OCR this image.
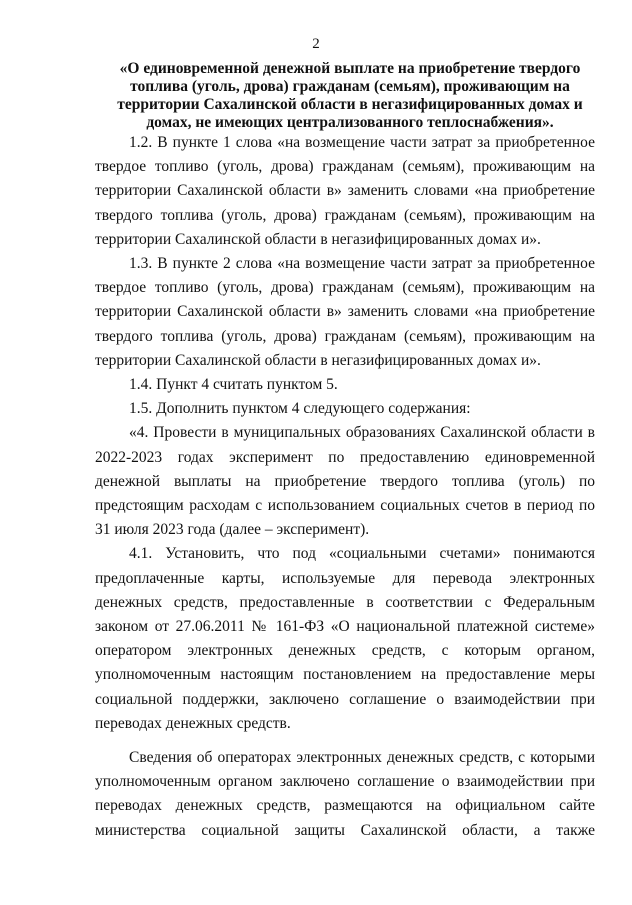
2
«О единовременной денежной выплате на приобретение твердого топлива (уголь, дрова) гражданам (семьям), проживающим на территории Сахалинской области в негазифицированных домах и домах, не имеющих централизованного теплоснабжения».

1.2. В пункте 1 слова «на возмещение части затрат за приобретенное твердое топливо (уголь, дрова) гражданам (семьям), проживающим на территории Сахалинской области в» заменить словами «на приобретение твердого топлива (уголь, дрова) гражданам (семьям), проживающим на территории Сахалинской области в негазифицированных домах и».

1.3. В пункте 2 слова «на возмещение части затрат за приобретенное твердое топливо (уголь, дрова) гражданам (семьям), проживающим на территории Сахалинской области в» заменить словами «на приобретение твердого топлива (уголь, дрова) гражданам (семьям), проживающим на территории Сахалинской области в негазифицированных домах и».

1.4. Пункт 4 считать пунктом 5.

1.5. Дополнить пунктом 4 следующего содержания:

«4. Провести в муниципальных образованиях Сахалинской области в 2022-2023 годах эксперимент по предоставлению единовременной денежной выплаты на приобретение твердого топлива (уголь) по предстоящим расходам с использованием социальных счетов в период по 31 июля 2023 года (далее – эксперимент).

4.1. Установить, что под «социальными счетами» понимаются предоплаченные карты, используемые для перевода электронных денежных средств, предоставленные в соответствии с Федеральным законом от 27.06.2011 № 161-ФЗ «О национальной платежной системе» оператором электронных денежных средств, с которым органом, уполномоченным настоящим постановлением на предоставление меры социальной поддержки, заключено соглашение о взаимодействии при переводах денежных средств.

Сведения об операторах электронных денежных средств, с которыми уполномоченным органом заключено соглашение о взаимодействии при переводах денежных средств, размещаются на официальном сайте министерства социальной защиты Сахалинской области, а также
